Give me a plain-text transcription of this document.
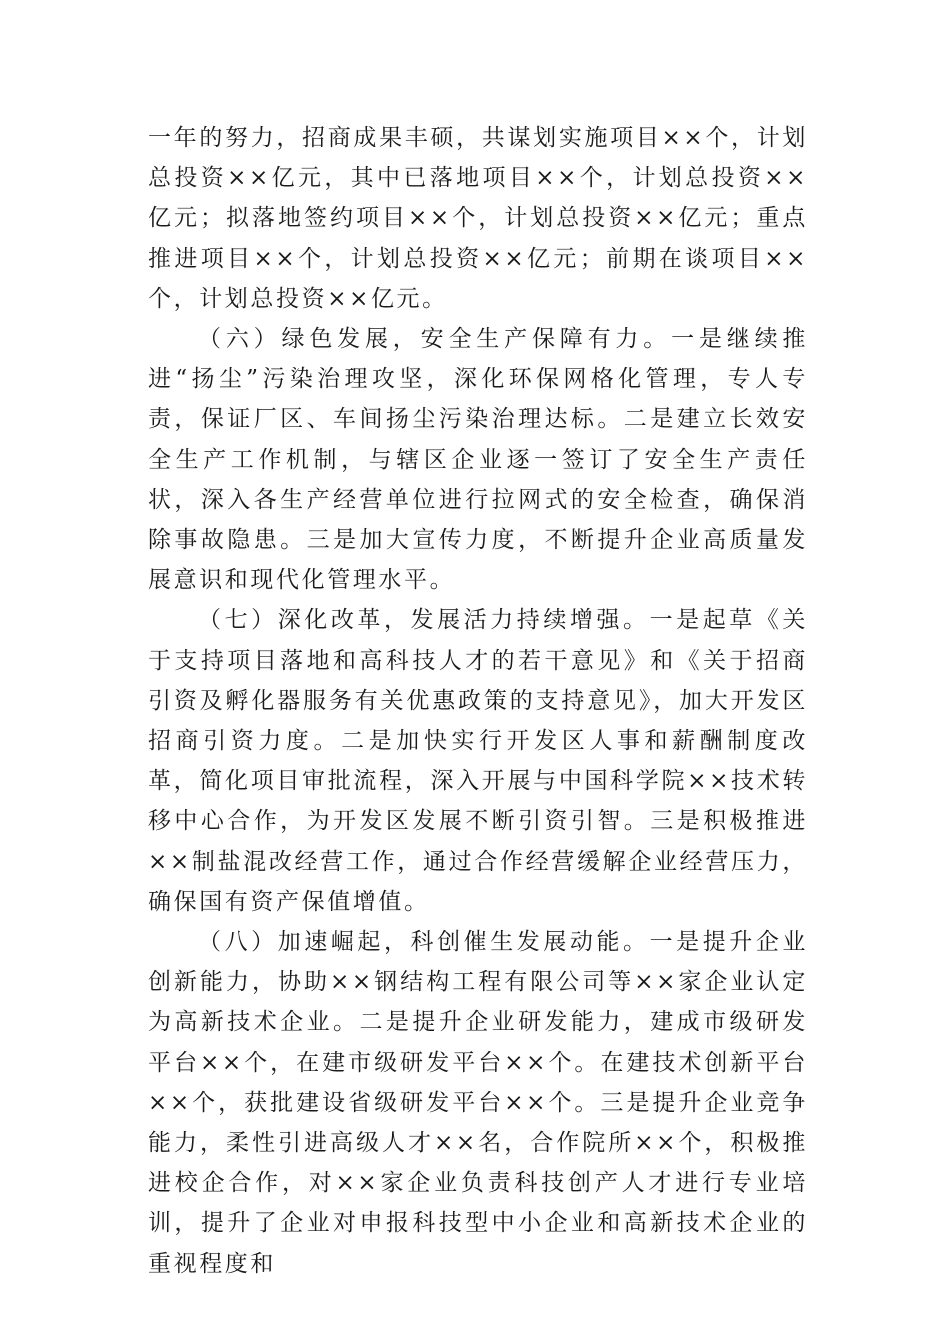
一年的努力，招商成果丰硕，共谋划实施项目××个，计划总投资××亿元，其中已落地项目××个，计划总投资××亿元；拟落地签约项目××个，计划总投资××亿元；重点推进项目××个，计划总投资××亿元；前期在谈项目××个，计划总投资××亿元。

（六）绿色发展，安全生产保障有力。一是继续推进“扬尘”污染治理攻坚，深化环保网格化管理，专人专责，保证厂区、车间扬尘污染治理达标。二是建立长效安全生产工作机制，与辖区企业逐一签订了安全生产责任状，深入各生产经营单位进行拉网式的安全检查，确保消除事故隐患。三是加大宣传力度，不断提升企业高质量发展意识和现代化管理水平。

（七）深化改革，发展活力持续增强。一是起草《关于支持项目落地和高科技人才的若干意见》和《关于招商引资及孵化器服务有关优惠政策的支持意见》，加大开发区招商引资力度。二是加快实行开发区人事和薪酬制度改革，简化项目审批流程，深入开展与中国科学院××技术转移中心合作，为开发区发展不断引资引智。三是积极推进××制盐混改经营工作，通过合作经营缓解企业经营压力，确保国有资产保值增值。

（八）加速崛起，科创催生发展动能。一是提升企业创新能力，协助××钢结构工程有限公司等××家企业认定为高新技术企业。二是提升企业研发能力，建成市级研发平台××个，在建市级研发平台××个。在建技术创新平台××个，获批建设省级研发平台××个。三是提升企业竞争能力，柔性引进高级人才××名，合作院所××个，积极推进校企合作，对××家企业负责科技创产人才进行专业培训，提升了企业对申报科技型中小企业和高新技术企业的重视程度和
